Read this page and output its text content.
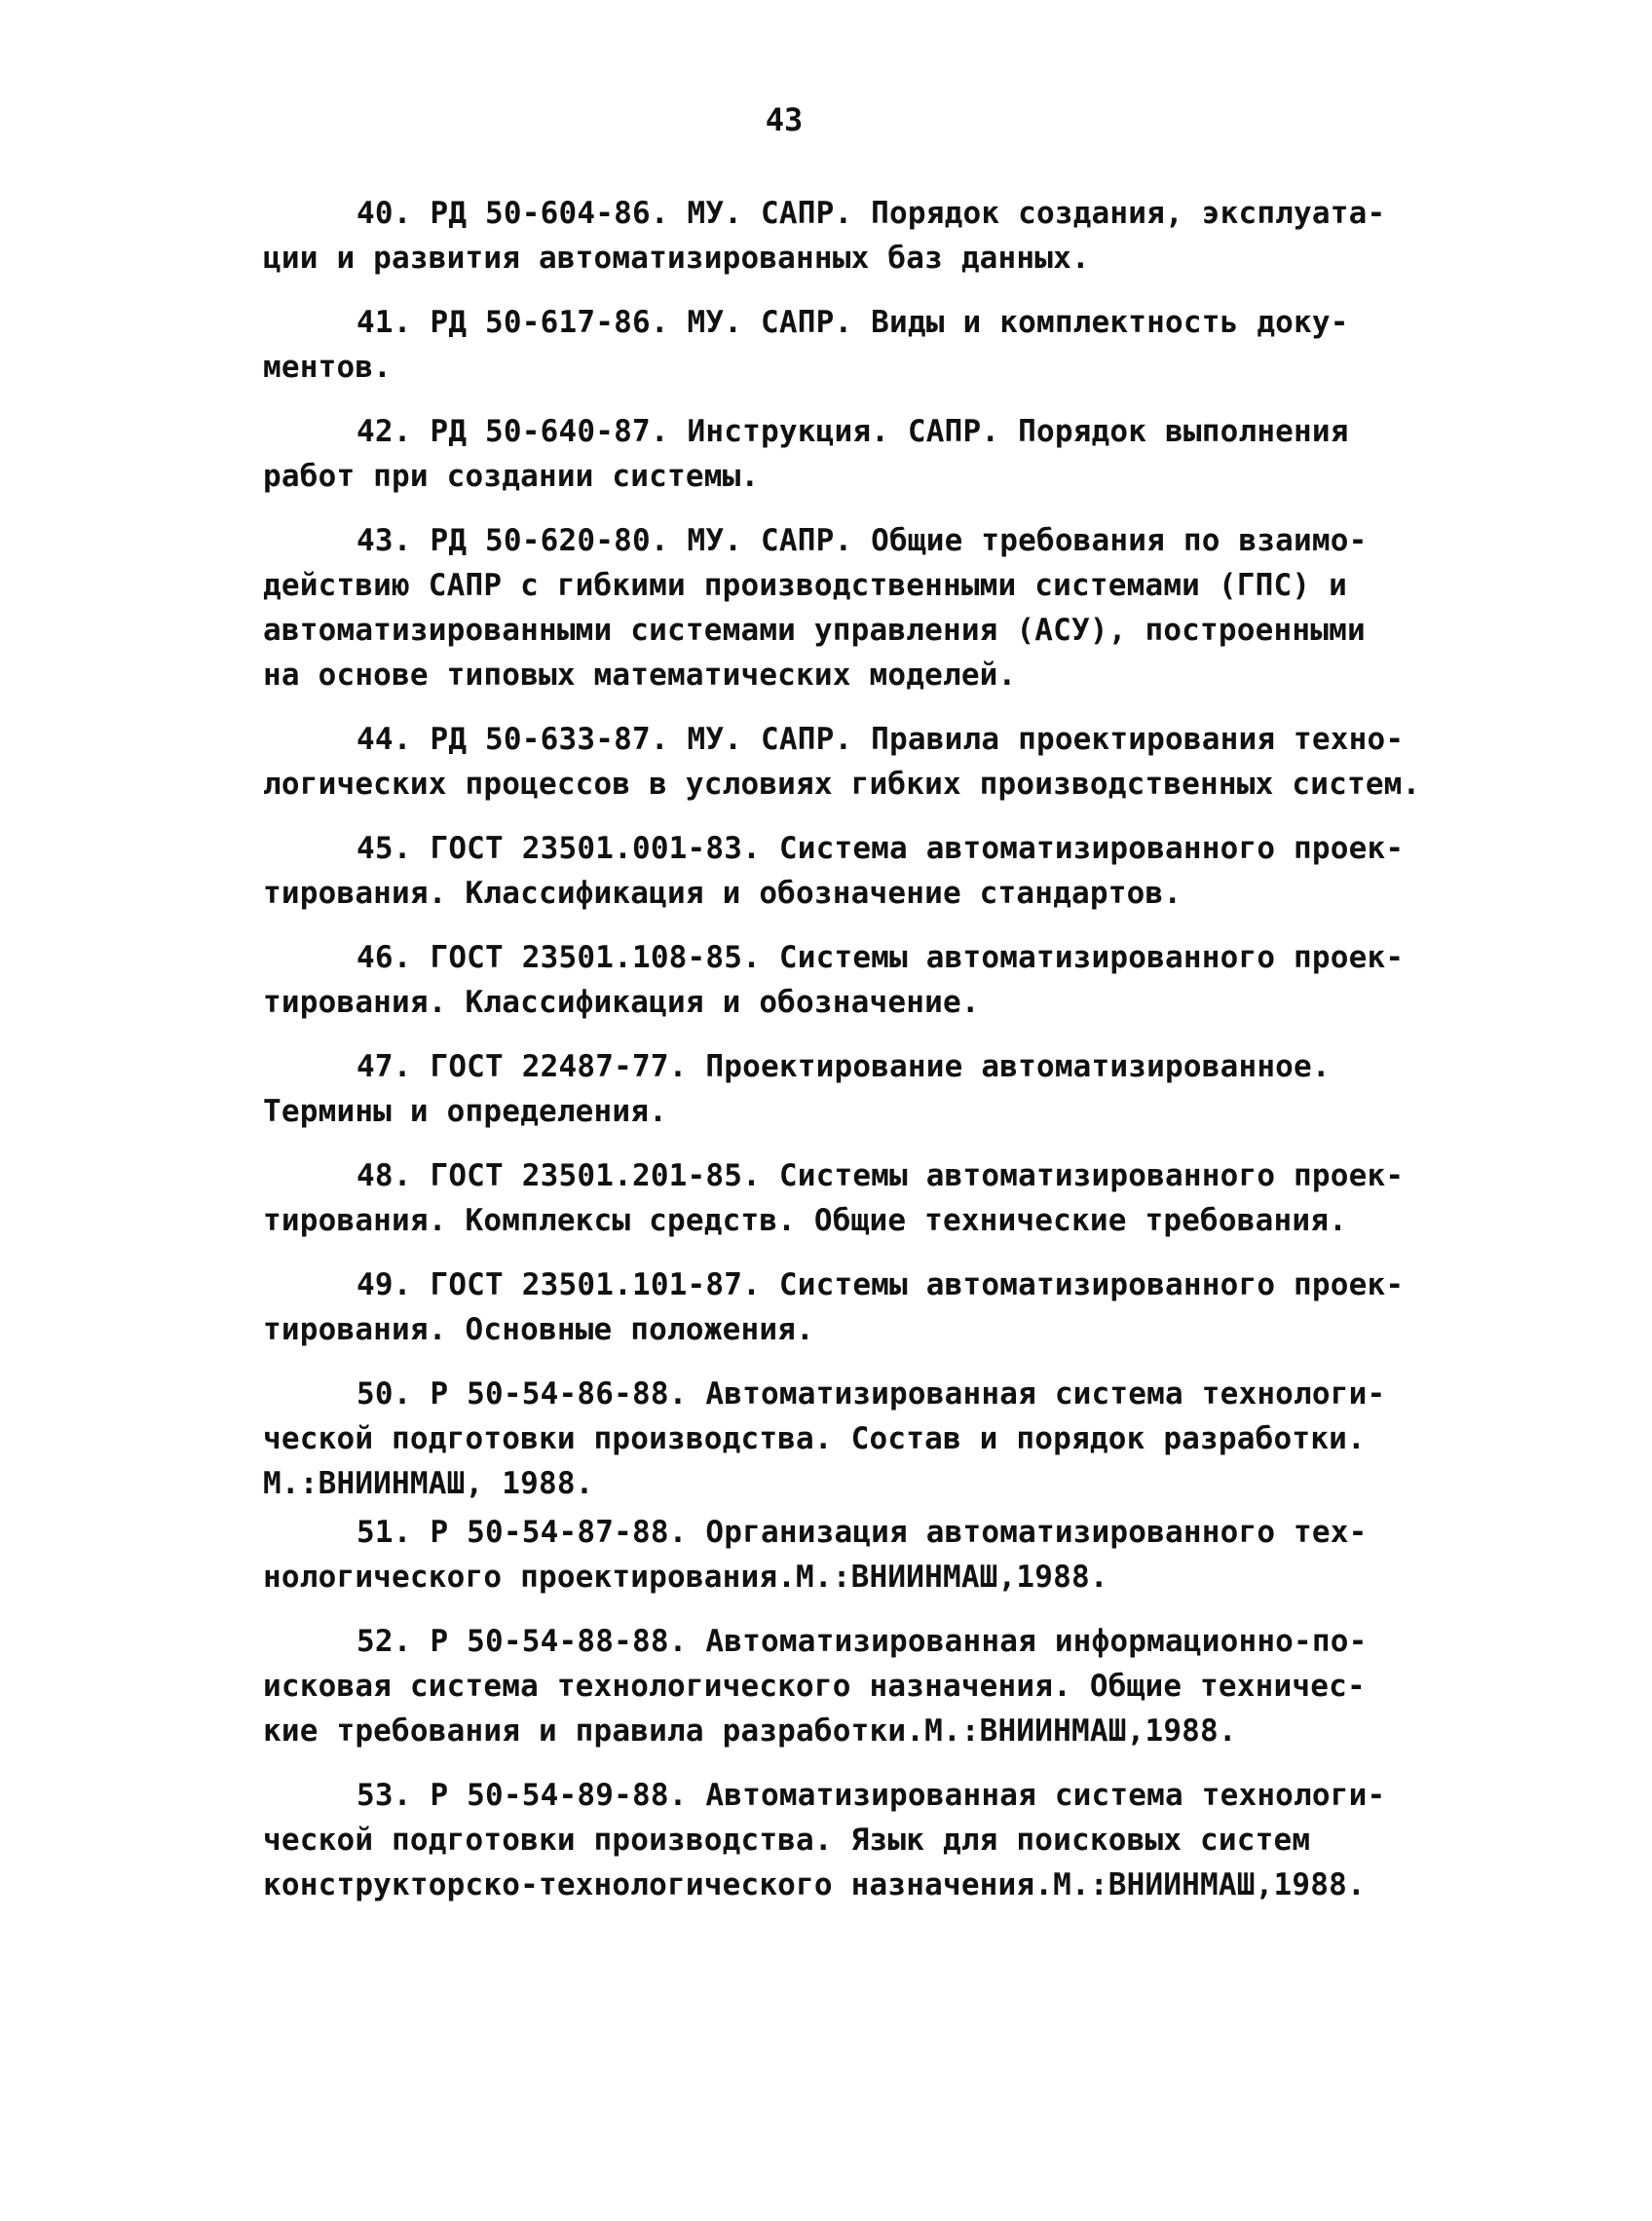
43
40. РД 50-604-86. МУ. САПР. Порядок создания, эксплуата-
ции и развития автоматизированных баз данных.
41. РД 50-617-86. МУ. САПР. Виды и комплектность доку-
ментов.
42. РД 50-640-87. Инструкция. САПР. Порядок выполнения
работ при создании системы.
43. РД 50-620-80. МУ. САПР. Общие требования по взаимо-
действию САПР с гибкими производственными системами (ГПС) и
автоматизированными системами управления (АСУ), построенными
на основе типовых математических моделей.
44. РД 50-633-87. МУ. САПР. Правила проектирования техно-
логических процессов в условиях гибких производственных систем.
45. ГОСТ 23501.001-83. Система автоматизированного проек-
тирования. Классификация и обозначение стандартов.
46. ГОСТ 23501.108-85. Системы автоматизированного проек-
тирования. Классификация и обозначение.
47. ГОСТ 22487-77. Проектирование автоматизированное.
Термины и определения.
48. ГОСТ 23501.201-85. Системы автоматизированного проек-
тирования. Комплексы средств. Общие технические требования.
49. ГОСТ 23501.101-87. Системы автоматизированного проек-
тирования. Основные положения.
50. Р 50-54-86-88. Автоматизированная система технологи-
ческой подготовки производства. Состав и порядок разработки.
М.:ВНИИНМАШ, 1988.
51. Р 50-54-87-88. Организация автоматизированного тех-
нологического проектирования.М.:ВНИИНМАШ,1988.
52. Р 50-54-88-88. Автоматизированная информационно-по-
исковая система технологического назначения. Общие техничес-
кие требования и правила разработки.М.:ВНИИНМАШ,1988.
53. Р 50-54-89-88. Автоматизированная система технологи-
ческой подготовки производства. Язык для поисковых систем
конструкторско-технологического назначения.М.:ВНИИНМАШ,1988.
